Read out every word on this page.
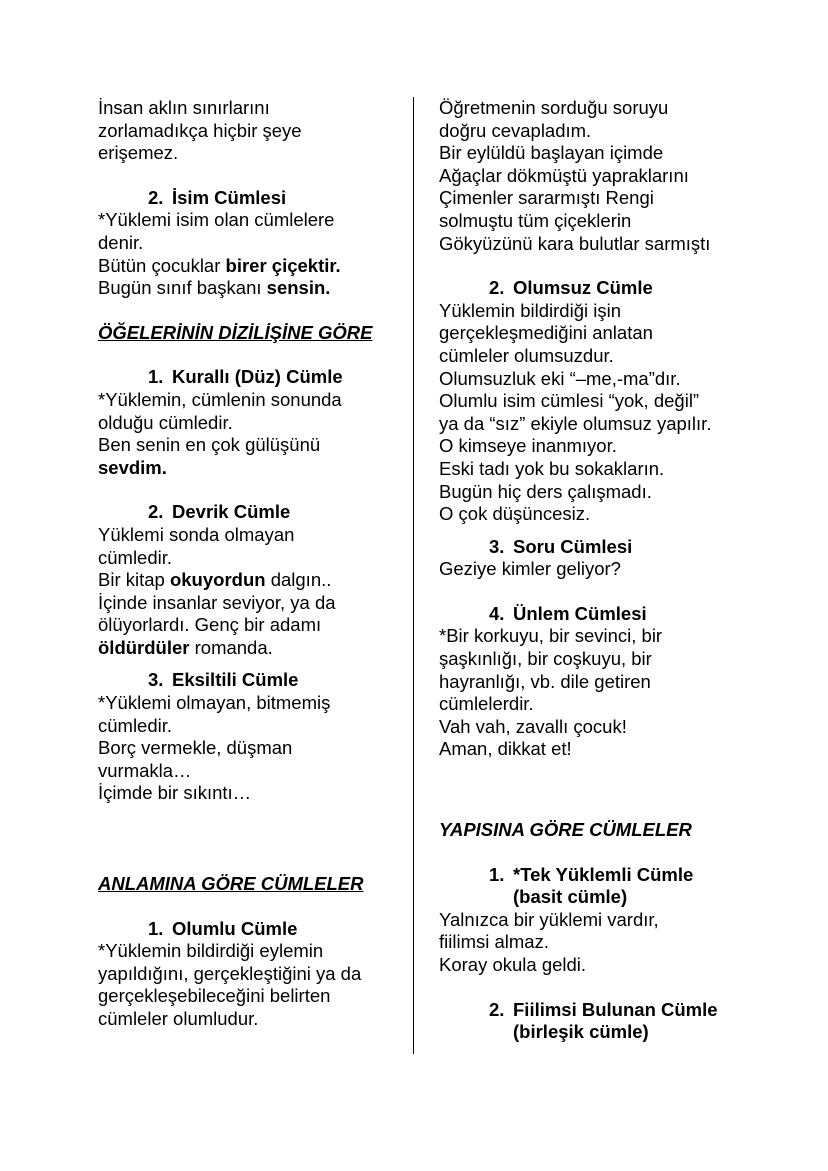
İnsan aklın sınırlarını
zorlamadıkça hiçbir şeye
erişemez.
2. İsim Cümlesi
*Yüklemi isim olan cümlelere
denir.
Bütün çocuklar birer çiçektir.
Bugün sınıf başkanı sensin.
ÖĞELERİNİN DİZİLİŞİNE GÖRE
1. Kurallı (Düz) Cümle
*Yüklemin, cümlenin sonunda
olduğu cümledir.
Ben senin en çok gülüşünü
sevdim.
2. Devrik Cümle
Yüklemi sonda olmayan
cümledir.
Bir kitap okuyordun dalgın..
İçinde insanlar seviyor, ya da
ölüyorlardı. Genç bir adamı
öldürdüler romanda.
3. Eksiltili Cümle
*Yüklemi olmayan, bitmemiş
cümledir.
Borç vermekle, düşman
vurmakla…
İçimde bir sıkıntı…
ANLAMINA GÖRE CÜMLELER
1. Olumlu Cümle
*Yüklemin bildirdiği eylemin
yapıldığını, gerçekleştiğini ya da
gerçekleşebileceğini belirten
cümleler olumludur.
Öğretmenin sorduğu soruyu
doğru cevapladım.
Bir eylüldü başlayan içimde
Ağaçlar dökmüştü yapraklarını
Çimenler sararmıştı Rengi
solmuştu tüm çiçeklerin
Gökyüzünü kara bulutlar sarmıştı
2. Olumsuz Cümle
Yüklemin bildirdiği işin
gerçekleşmediğini anlatan
cümleler olumsuzdur.
Olumsuzluk eki “–me,-ma”dır.
Olumlu isim cümlesi “yok, değil”
ya da “sız” ekiyle olumsuz yapılır.
O kimseye inanmıyor.
Eski tadı yok bu sokakların.
Bugün hiç ders çalışmadı.
O çok düşüncesiz.
3. Soru Cümlesi
Geziye kimler geliyor?
4. Ünlem Cümlesi
*Bir korkuyu, bir sevinci, bir
şaşkınlığı, bir coşkuyu, bir
hayranlığı, vb. dile getiren
cümlelerdir.
Vah vah, zavallı çocuk!
Aman, dikkat et!
YAPISINA GÖRE CÜMLELER
1. *Tek Yüklemli Cümle
(basit cümle)
Yalnızca bir yüklemi vardır,
fiilimsi almaz.
Koray okula geldi.
2. Fiilimsi Bulunan Cümle
(birleşik cümle)
